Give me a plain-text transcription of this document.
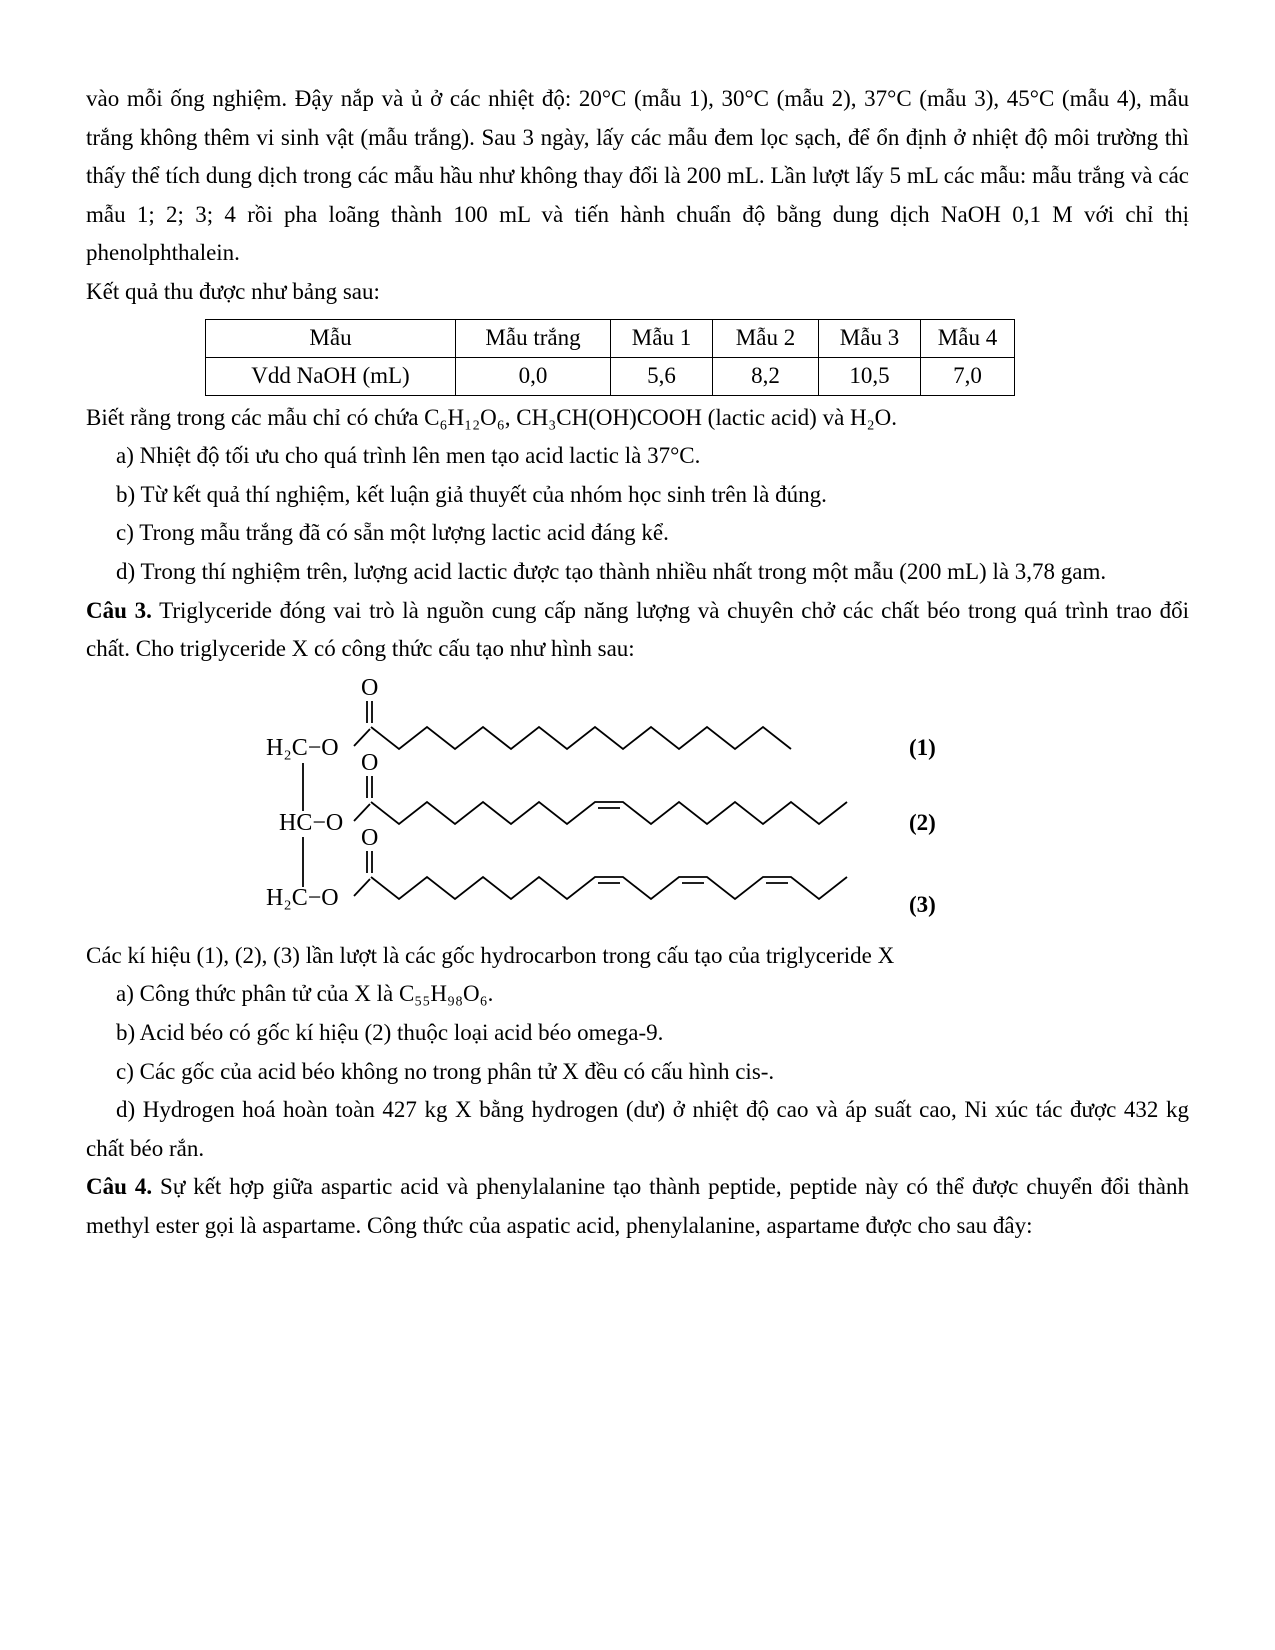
vào mỗi ống nghiệm. Đậy nắp và ủ ở các nhiệt độ: 20°C (mẫu 1), 30°C (mẫu 2), 37°C (mẫu 3), 45°C (mẫu 4), mẫu trắng không thêm vi sinh vật (mẫu trắng). Sau 3 ngày, lấy các mẫu đem lọc sạch, để ổn định ở nhiệt độ môi trường thì thấy thể tích dung dịch trong các mẫu hầu như không thay đổi là 200 mL. Lần lượt lấy 5 mL các mẫu: mẫu trắng và các mẫu 1; 2; 3; 4 rồi pha loãng thành 100 mL và tiến hành chuẩn độ bằng dung dịch NaOH 0,1 M với chỉ thị phenolphthalein.

Kết quả thu được như bảng sau:

Mẫu	Mẫu trắng	Mẫu 1	Mẫu 2	Mẫu 3	Mẫu 4
Vdd NaOH (mL)	0,0	5,6	8,2	10,5	7,0

Biết rằng trong các mẫu chỉ có chứa C₆H₁₂O₆, CH₃CH(OH)COOH (lactic acid) và H₂O.

a) Nhiệt độ tối ưu cho quá trình lên men tạo acid lactic là 37°C.

b) Từ kết quả thí nghiệm, kết luận giả thuyết của nhóm học sinh trên là đúng.

c) Trong mẫu trắng đã có sẵn một lượng lactic acid đáng kể.

d) Trong thí nghiệm trên, lượng acid lactic được tạo thành nhiều nhất trong một mẫu (200 mL) là 3,78 gam.

Câu 3. Triglyceride đóng vai trò là nguồn cung cấp năng lượng và chuyên chở các chất béo trong quá trình trao đổi chất. Cho triglyceride X có công thức cấu tạo như hình sau:

O
H₂C−O
O
HC−O
O
H₂C−O
(1)
(2)
(3)

Các kí hiệu (1), (2), (3) lần lượt là các gốc hydrocarbon trong cấu tạo của triglyceride X

a) Công thức phân tử của X là C₅₅H₉₈O₆.

b) Acid béo có gốc kí hiệu (2) thuộc loại acid béo omega-9.

c) Các gốc của acid béo không no trong phân tử X đều có cấu hình cis-.

d) Hydrogen hoá hoàn toàn 427 kg X bằng hydrogen (dư) ở nhiệt độ cao và áp suất cao, Ni xúc tác được 432 kg chất béo rắn.

Câu 4. Sự kết hợp giữa aspartic acid và phenylalanine tạo thành peptide, peptide này có thể được chuyển đổi thành methyl ester gọi là aspartame. Công thức của aspatic acid, phenylalanine, aspartame được cho sau đây:
